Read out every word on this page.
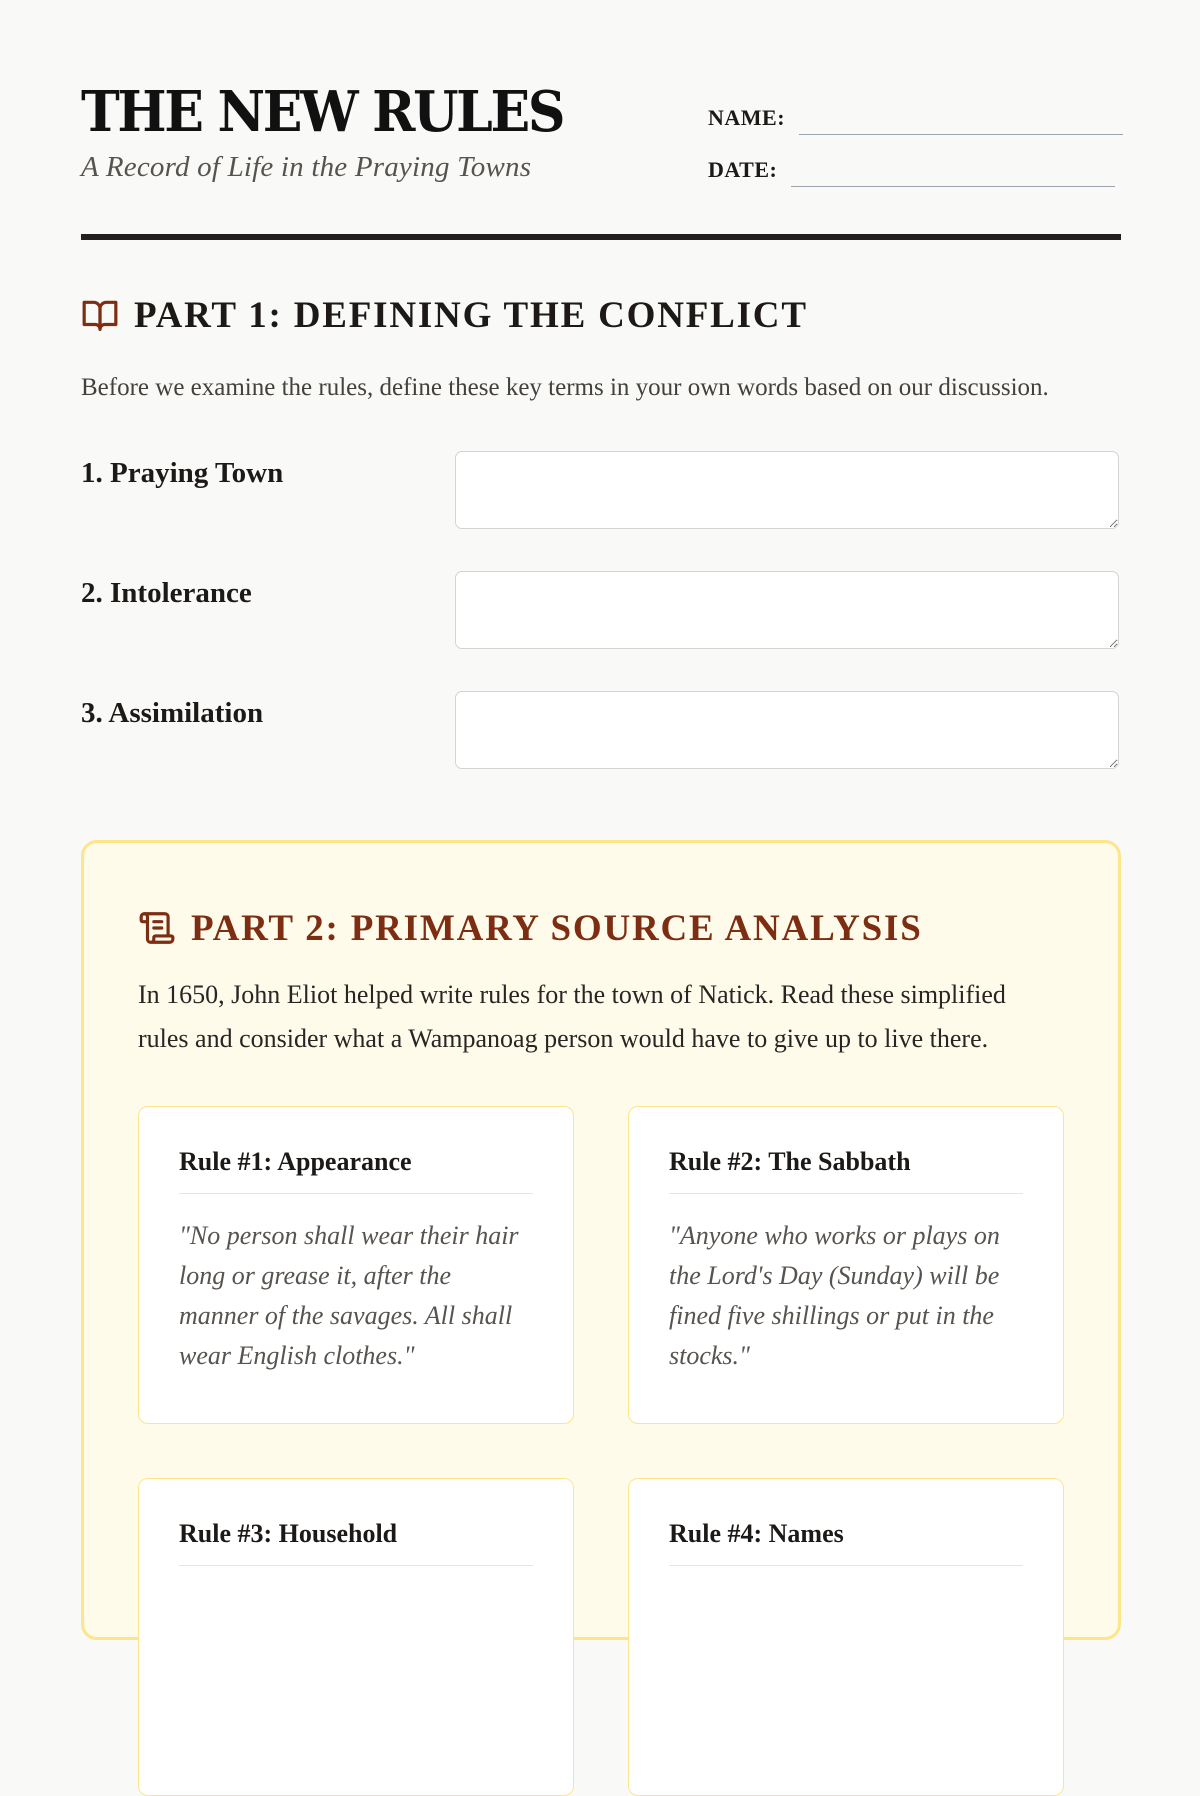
THE NEW RULES
A Record of Life in the Praying Towns
NAME:
DATE:
PART 1: DEFINING THE CONFLICT

Before we examine the rules, define these key terms in your own words based on our discussion.

1. Praying Town
2. Intolerance
3. Assimilation
PART 2: PRIMARY SOURCE ANALYSIS

In 1650, John Eliot helped write rules for the town of Natick. Read these simplified rules and consider what a Wampanoag person would have to give up to live there.

Rule #1: Appearance
"No person shall wear their hair long or grease it, after the manner of the savages. All shall wear English clothes."
Rule #2: The Sabbath
"Anyone who works or plays on the Lord's Day (Sunday) will be fined five shillings or put in the stocks."
Rule #3: Household	Rule #4: Names
